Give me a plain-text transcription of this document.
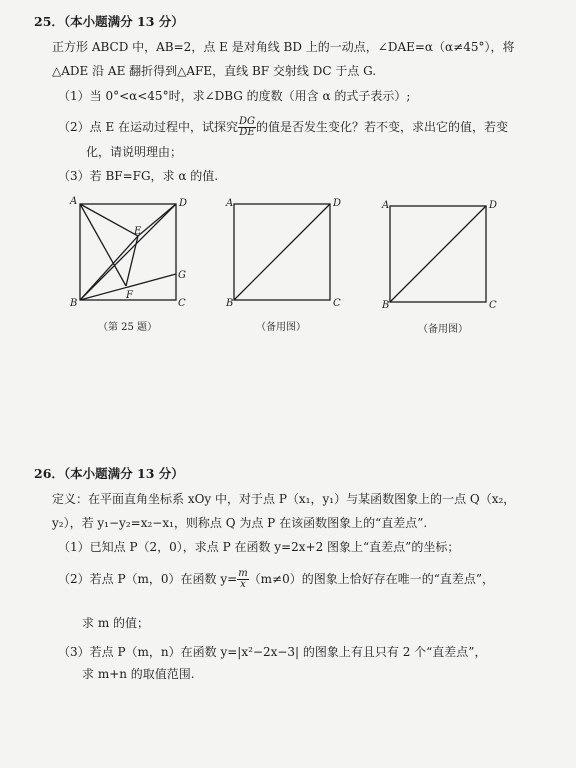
25．（本小题满分 13 分）
正方形 ABCD 中，AB=2，点 E 是对角线 BD 上的一动点，∠DAE=α（α≠45°），将
△ADE 沿 AE 翻折得到△AFE，直线 BF 交射线 DC 于点 G.
（1）当 0°<α<45°时，求∠DBG 的度数（用含 α 的式子表示）;
（2）点 E 在运动过程中，试探究 $\frac{DG}{DE}$ 的值是否发生变化？若不变，求出它的值，若变
化，请说明理由；
（3）若 BF=FG，求 α 的值.
A	D
E
G
B
F
C
（第 25 题）
A	D
B	C
（备用图）
A	D
B	C
（备用图）
26．（本小题满分 13 分）
定义：在平面直角坐标系 xOy 中，对于点 P（x₁，y₁）与某函数图象上的一点 Q（x₂，
y₂），若 y₁−y₂=x₂−x₁，则称点 Q 为点 P 在该函数图象上的“直差点”.
（1）已知点 P（2，0），求点 P 在函数 y=2x+2 图象上“直差点”的坐标；
（2）若点 P（m，0）在函数 $y= \frac{m}{x} (m\ne 0)$的图象上恰好存在唯一的“直差点”，
求 m 的值；
（3）若点 P（m，n）在函数 y=|x²−2x−3| 的图象上有且只有 2 个“直差点”，
求 m+n 的取值范围.
